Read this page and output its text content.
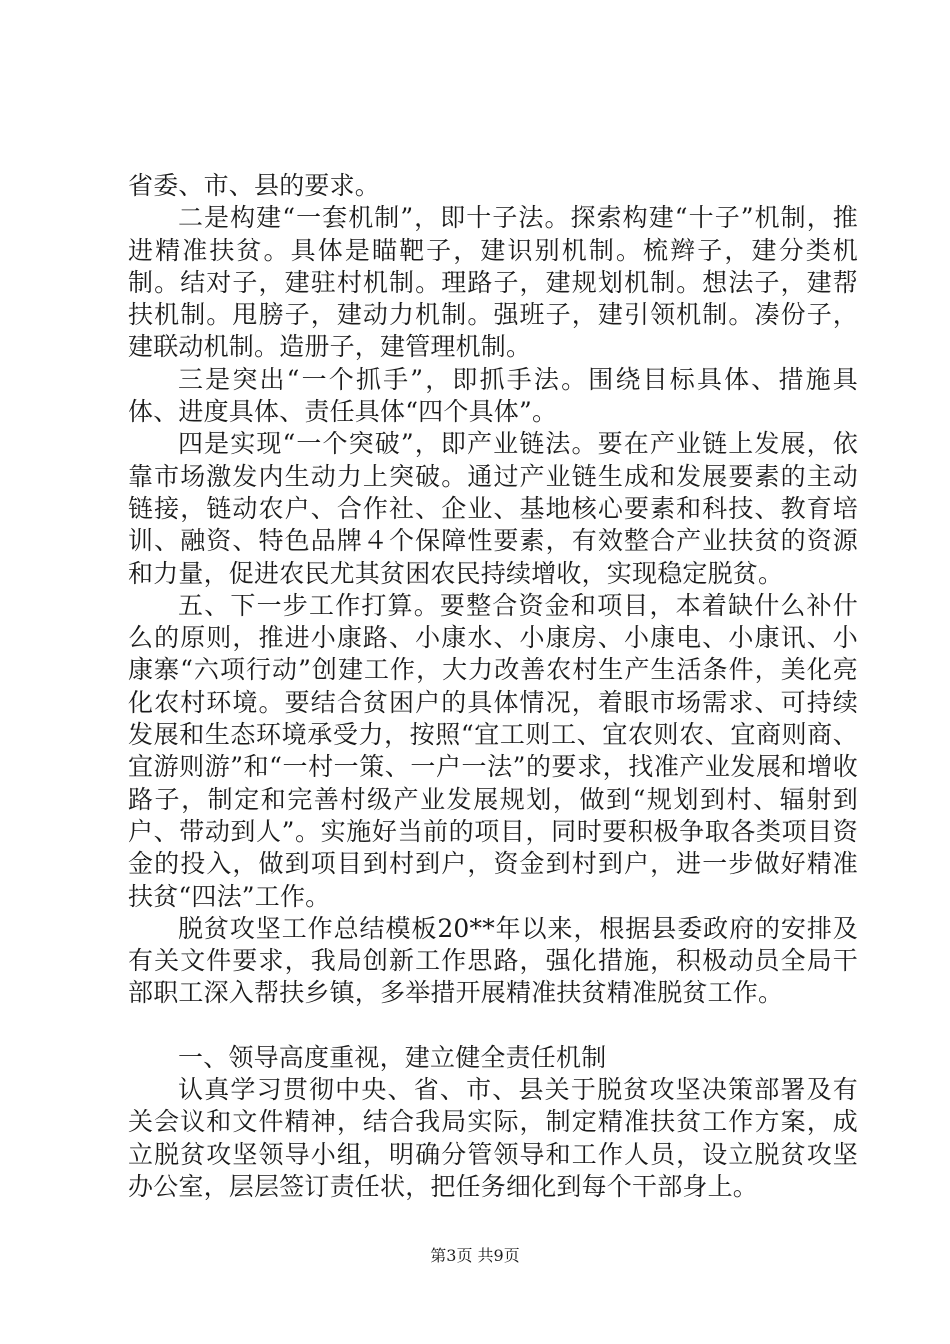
省委、市、县的要求。

二是构建“一套机制”，即十子法。探索构建“十子”机制，推进精准扶贫。具体是瞄靶子，建识别机制。梳辫子，建分类机制。结对子，建驻村机制。理路子，建规划机制。想法子，建帮扶机制。甩膀子，建动力机制。强班子，建引领机制。凑份子，建联动机制。造册子，建管理机制。

三是突出“一个抓手”，即抓手法。围绕目标具体、措施具体、进度具体、责任具体“四个具体”。

四是实现“一个突破”，即产业链法。要在产业链上发展，依靠市场激发内生动力上突破。通过产业链生成和发展要素的主动链接，链动农户、合作社、企业、基地核心要素和科技、教育培训、融资、特色品牌４个保障性要素，有效整合产业扶贫的资源和力量，促进农民尤其贫困农民持续增收，实现稳定脱贫。

五、下一步工作打算。要整合资金和项目，本着缺什么补什么的原则，推进小康路、小康水、小康房、小康电、小康讯、小康寨“六项行动”创建工作，大力改善农村生产生活条件，美化亮化农村环境。要结合贫困户的具体情况，着眼市场需求、可持续发展和生态环境承受力，按照“宜工则工、宜农则农、宜商则商、宜游则游”和“一村一策、一户一法”的要求，找准产业发展和增收路子，制定和完善村级产业发展规划，做到“规划到村、辐射到户、带动到人”。实施好当前的项目，同时要积极争取各类项目资金的投入，做到项目到村到户，资金到村到户，进一步做好精准扶贫“四法”工作。

脱贫攻坚工作总结模板20**年以来，根据县委政府的安排及有关文件要求，我局创新工作思路，强化措施，积极动员全局干部职工深入帮扶乡镇，多举措开展精准扶贫精准脱贫工作。

一、领导高度重视，建立健全责任机制

认真学习贯彻中央、省、市、县关于脱贫攻坚决策部署及有关会议和文件精神，结合我局实际，制定精准扶贫工作方案，成立脱贫攻坚领导小组，明确分管领导和工作人员，设立脱贫攻坚办公室，层层签订责任状，把任务细化到每个干部身上。

第3页 共9页
